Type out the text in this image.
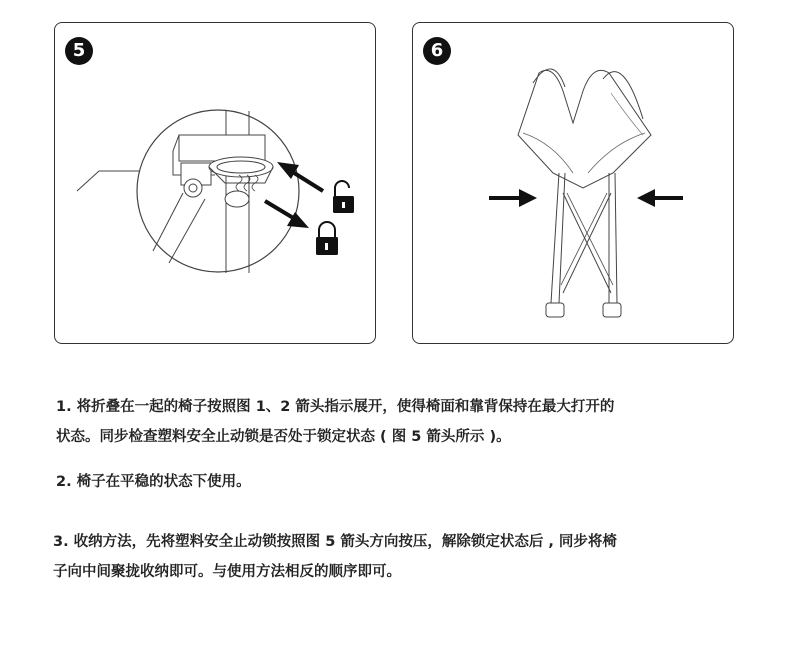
5	6
1. 将折叠在一起的椅子按照图 1、2 箭头指示展开，使得椅面和靠背保持在最大打开的
状态。同步检查塑料安全止动锁是否处于锁定状态 ( 图 5 箭头所示 )。
2. 椅子在平稳的状态下使用。
3. 收纳方法，先将塑料安全止动锁按照图 5 箭头方向按压，解除锁定状态后 , 同步将椅
子向中间聚拢收纳即可。与使用方法相反的顺序即可。
